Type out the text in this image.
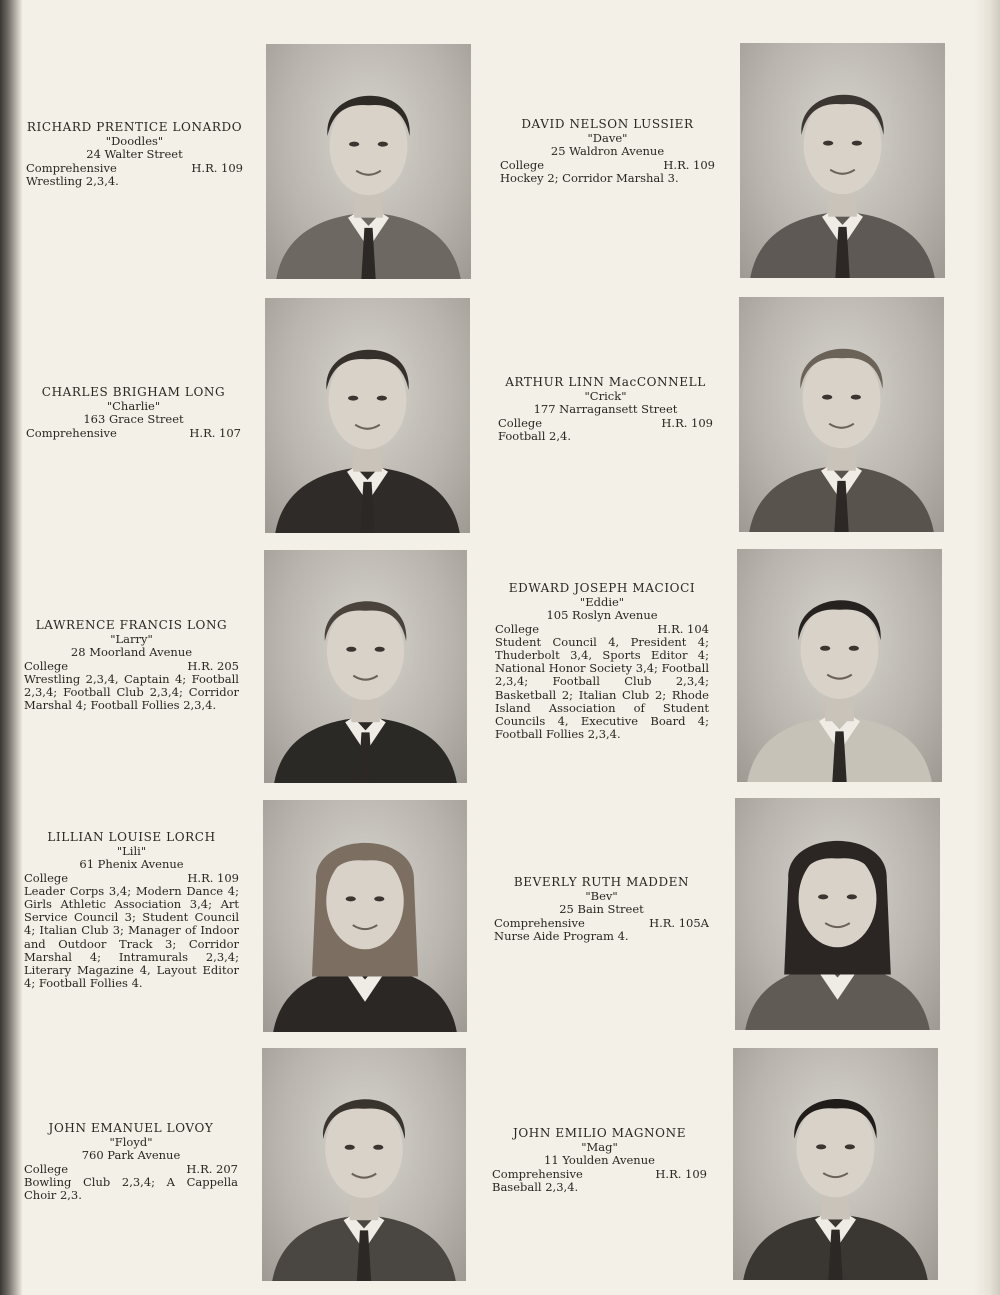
RICHARD PRENTICE LONARDO
"Doodles"
24 Walter Street
Comprehensive	H.R. 109
Wrestling 2,3,4.
DAVID NELSON LUSSIER
"Dave"
25 Waldron Avenue
College	H.R. 109
Hockey 2; Corridor Marshal 3.
CHARLES BRIGHAM LONG
"Charlie"
163 Grace Street
Comprehensive	H.R. 107
ARTHUR LINN MacCONNELL
"Crick"
177 Narragansett Street
College	H.R. 109
Football 2,4.
LAWRENCE FRANCIS LONG
"Larry"
28 Moorland Avenue
College	H.R. 205
Wrestling 2,3,4, Captain 4; Football 2,3,4; Football Club 2,3,4; Corridor Marshal 4; Football Follies 2,3,4.
EDWARD JOSEPH MACIOCI
"Eddie"
105 Roslyn Avenue
College	H.R. 104
Student Council 4, President 4; Thuderbolt 3,4, Sports Editor 4; National Honor Society 3,4; Football 2,3,4; Football Club 2,3,4; Basketball 2; Italian Club 2; Rhode Island Association of Student Councils 4, Executive Board 4; Football Follies 2,3,4.
LILLIAN LOUISE LORCH
"Lili"
61 Phenix Avenue
College	H.R. 109
Leader Corps 3,4; Modern Dance 4; Girls Athletic Association 3,4; Art Service Council 3; Student Council 4; Italian Club 3; Manager of Indoor and Outdoor Track 3; Corridor Marshal 4; Intramurals 2,3,4; Literary Magazine 4, Layout Editor 4; Football Follies 4.
BEVERLY RUTH MADDEN
"Bev"
25 Bain Street
Comprehensive	H.R. 105A
Nurse Aide Program 4.
JOHN EMANUEL LOVOY
"Floyd"
760 Park Avenue
College	H.R. 207
Bowling Club 2,3,4; A Cappella Choir 2,3.
JOHN EMILIO MAGNONE
"Mag"
11 Youlden Avenue
Comprehensive	H.R. 109
Baseball 2,3,4.
